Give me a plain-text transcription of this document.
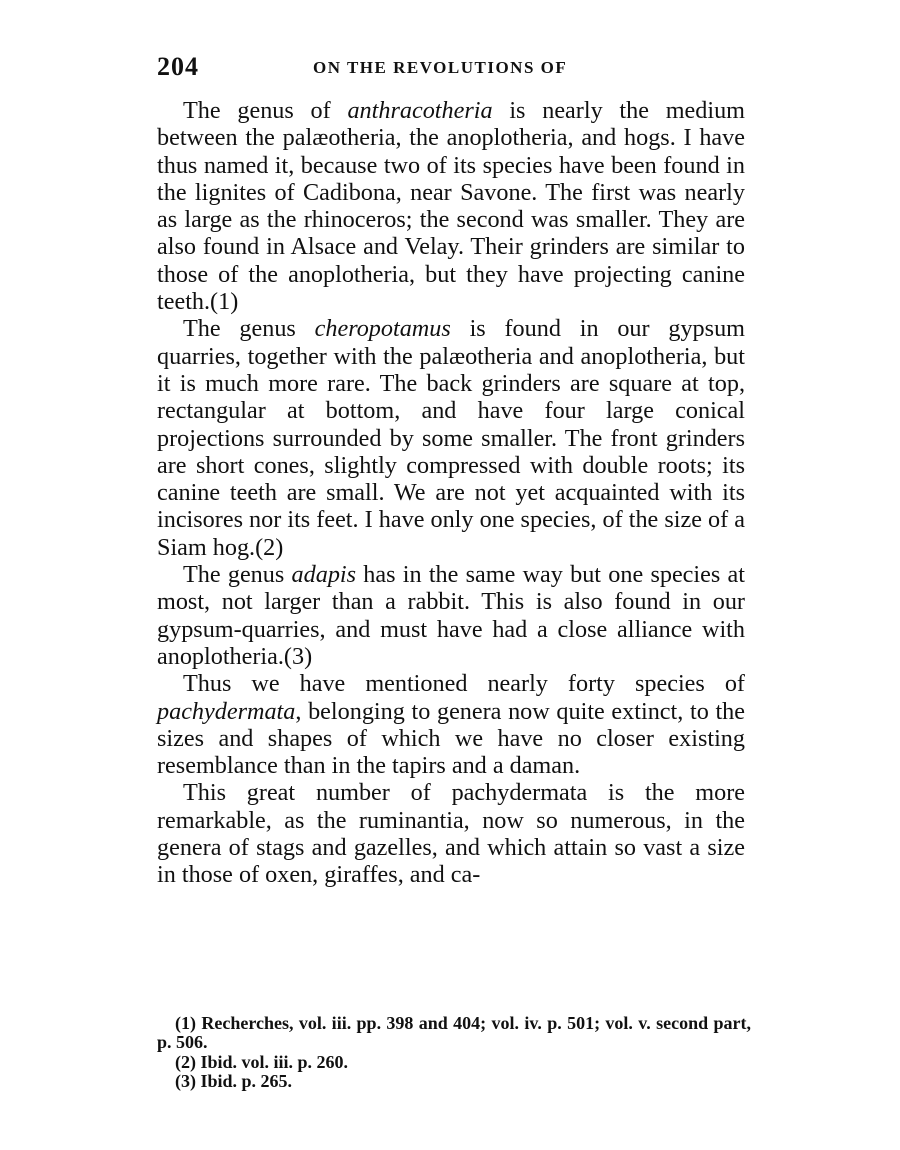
204	ON THE REVOLUTIONS OF

The genus of anthracotheria is nearly the medium between the palæotheria, the anoplotheria, and hogs. I have thus named it, because two of its species have been found in the lignites of Cadibona, near Savone. The first was nearly as large as the rhinoceros; the second was smaller. They are also found in Alsace and Velay. Their grinders are similar to those of the anoplotheria, but they have projecting canine teeth.(1)

The genus cheropotamus is found in our gypsum quarries, together with the palæotheria and anoplotheria, but it is much more rare. The back grinders are square at top, rectangular at bottom, and have four large conical projections surrounded by some smaller. The front grinders are short cones, slightly compressed with double roots; its canine teeth are small. We are not yet acquainted with its incisores nor its feet. I have only one species, of the size of a Siam hog.(2)

The genus adapis has in the same way but one species at most, not larger than a rabbit. This is also found in our gypsum-quarries, and must have had a close alliance with anoplotheria.(3)

Thus we have mentioned nearly forty species of pachydermata, belonging to genera now quite extinct, to the sizes and shapes of which we have no closer existing resemblance than in the tapirs and a daman.

This great number of pachydermata is the more remarkable, as the ruminantia, now so numerous, in the genera of stags and gazelles, and which attain so vast a size in those of oxen, giraffes, and ca-

(1) Recherches, vol. iii. pp. 398 and 404; vol. iv. p. 501; vol. v. second part, p. 506.

(2) Ibid. vol. iii. p. 260.

(3) Ibid. p. 265.
